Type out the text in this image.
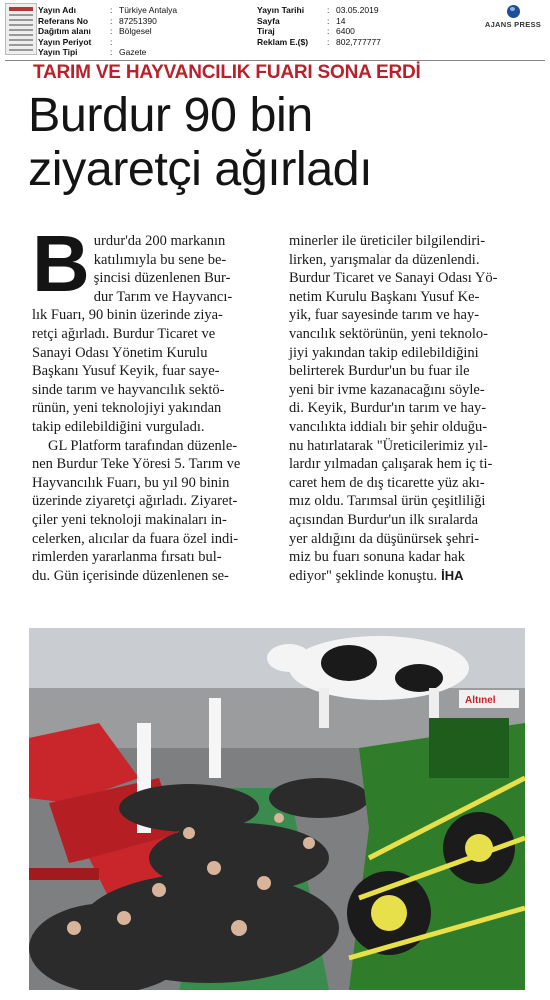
Yayın Adı	: Türkiye Antalya
Referans No	: 87251390
Dağıtım alanı	: Bölgesel
Yayın Periyot	:
Yayın Tipi	: Gazete
Yayın Tarihi	: 03.05.2019
Sayfa	: 14
Tiraj	: 6400
Reklam E.($)	: 802,777777
AJANS PRESS
TARIM VE HAYVANCILIK FUARI SONA ERDİ
Burdur 90 bin
ziyaretçi ağırladı
B urdur'da 200 markanın

katılımıyla bu sene be-

şincisi düzenlenen Bur-

dur Tarım ve Hayvancı-

lık Fuarı, 90 binin üzerinde ziya-

retçi ağırladı. Burdur Ticaret ve

Sanayi Odası Yönetim Kurulu

Başkanı Yusuf Keyik, fuar saye-

sinde tarım ve hayvancılık sektö-

rünün, yeni teknolojiyi yakından

takip edilebildiğini vurguladı.

GL Platform tarafından düzenle-

nen Burdur Teke Yöresi 5. Tarım ve

Hayvancılık Fuarı, bu yıl 90 binin

üzerinde ziyaretçi ağırladı. Ziyaret-

çiler yeni teknoloji makinaları in-

celerken, alıcılar da fuara özel indi-

rimlerden yararlanma fırsatı bul-

du. Gün içerisinde düzenlenen se-

minerler ile üreticiler bilgilendiri-

lirken, yarışmalar da düzenlendi.

Burdur Ticaret ve Sanayi Odası Yö-

netim Kurulu Başkanı Yusuf Ke-

yik, fuar sayesinde tarım ve hay-

vancılık sektörünün, yeni teknolo-

jiyi yakından takip edilebildiğini

belirterek Burdur'un bu fuar ile

yeni bir ivme kazanacağını söyle-

di. Keyik, Burdur'ın tarım ve hay-

vancılıkta iddialı bir şehir olduğu-

nu hatırlatarak "Üreticilerimiz yıl-

lardır yılmadan çalışarak hem iç ti-

caret hem de dış ticarette yüz akı-

mız oldu. Tarımsal ürün çeşitliliği

açısından Burdur'un ilk sıralarda

yer aldığını da düşünürsek şehri-

miz bu fuarı sonuna kadar hak

ediyor" şeklinde konuştu. İHA

Altınel
